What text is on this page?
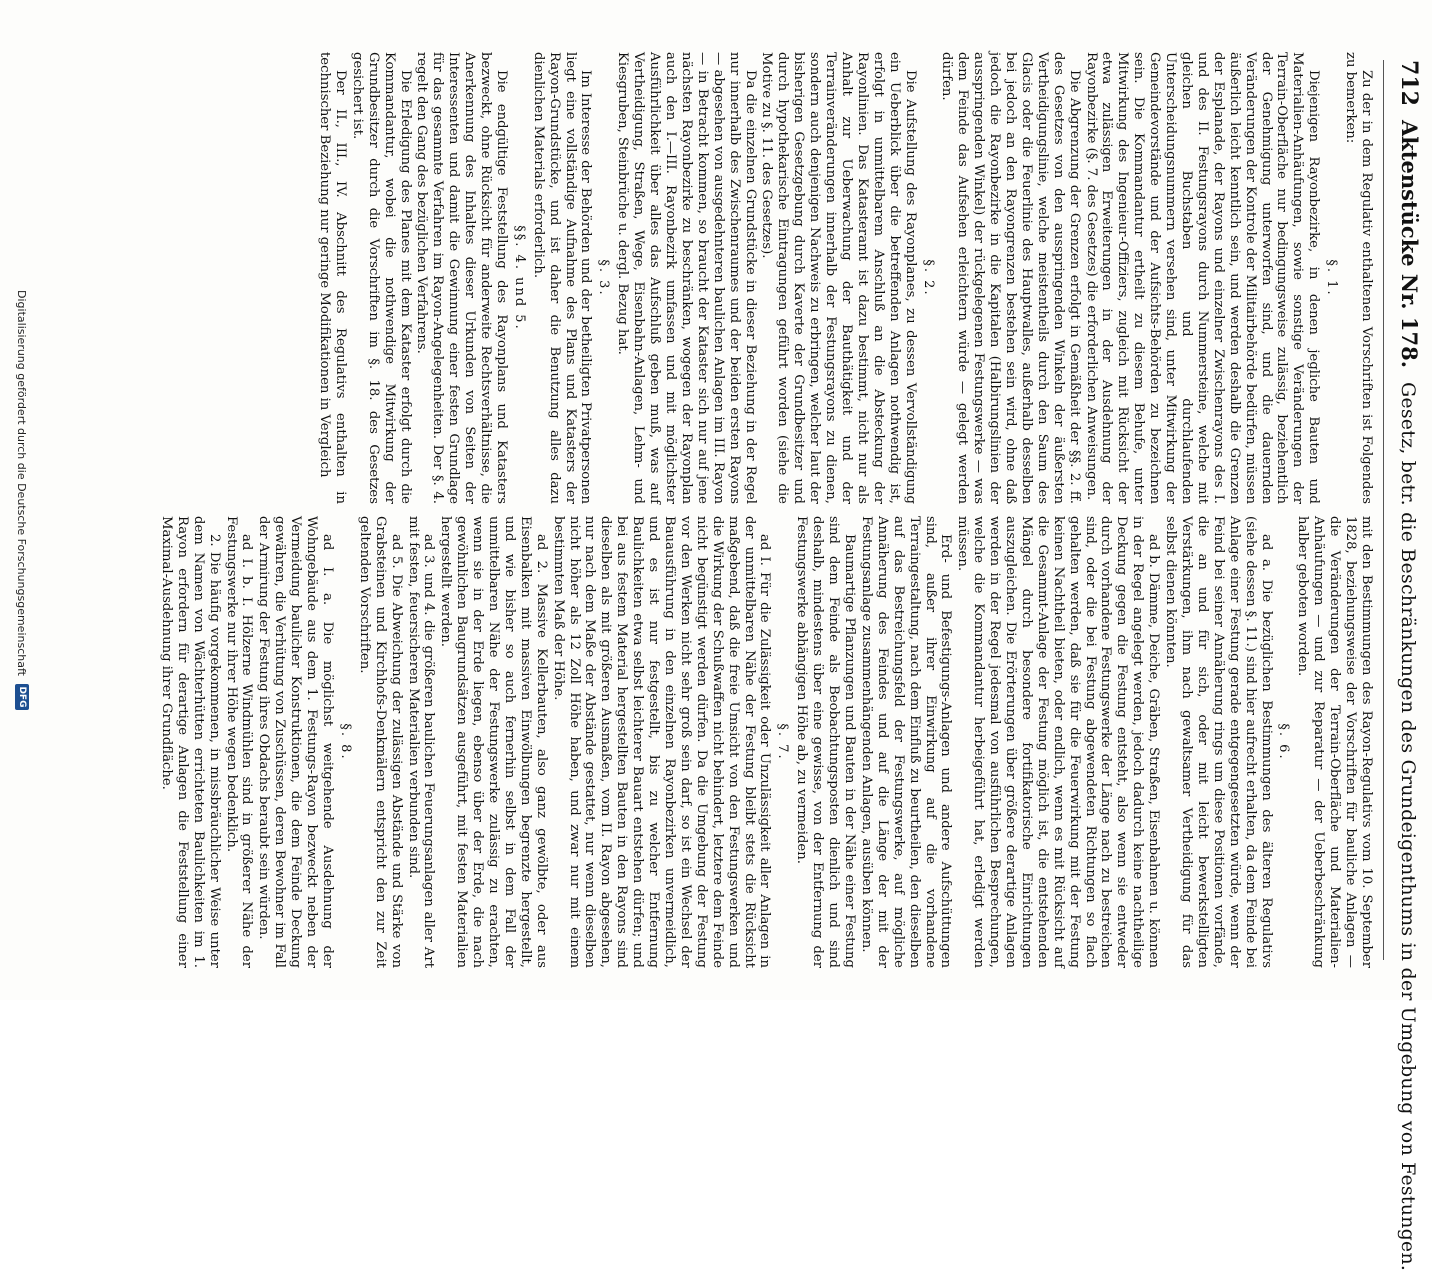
712
Aktenstücke Nr. 178.
Gesetz, betr. die Beschränkungen des Grundeigenthums in der Umgebung von Festungen.

Zu der in dem Regulativ enthaltenen Vorschriften ist Folgendes zu bemerken:

§. 1.

Diejenigen Rayonbezirke, in denen jegliche Bauten und Materialien-Anhäufungen, sowie sonstige Veränderungen der Terrain-Oberfläche nur bedingungsweise zulässig, beziehentlich der Genehmigung unterworfen sind, und die dauernden Veränderungen der Kontrole der Militairbehörde bedürfen, müssen äußerlich leicht kenntlich sein, und werden deshalb die Grenzen der Esplanade, der Rayons und einzelner Zwischenrayons des I. und des II. Festungsrayons durch Nummersteine, welche mit gleichen Buchstaben und durchlaufenden Unterscheidungsnummern versehen sind, unter Mitwirkung der Gemeindevorstände und der Aufsichts-Behörden zu bezeichnen sein. Die Kommandantur ertheilt zu diesem Behufe, unter Mitwirkung des Ingenieur-Offiziers, zugleich mit Rücksicht der etwa zulässigen Erweiterungen in der Ausdehnung der Rayonbezirke (§. 7. des Gesetzes) die erforderlichen Anweisungen.

Die Abgrenzung der Grenzen erfolgt in Gemäßheit der §§. 2. ff. des Gesetzes von den ausspringenden Winkeln der äußersten Vertheidigungslinie, welche meistentheils durch den Saum des Glacis oder die Feuerlinie des Hauptwalles, außerhalb desselben bei jedoch an den Rayongrenzen bestehen sein wird, ohne daß jedoch die Rayonbezirke in die Kapitalen (Halbirungslinien der ausspringenden Winkel) der rückgelegenen Festungswerke — was dem Feinde das Aufsehen erleichtern würde — gelegt werden dürfen.

§. 2.

Die Aufstellung des Rayonplanes, zu dessen Vervollständigung ein Ueberblick über die betreffenden Anlagen nothwendig ist, erfolgt in unmittelbarem Anschluß an die Absteckung der Rayonlinien. Das Katasteramt ist dazu bestimmt, nicht nur als Anhalt zur Ueberwachung der Bauthätigkeit und der Terrainveränderungen innerhalb der Festungsrayons zu dienen, sondern auch denjenigen Nachweis zu erbringen, welcher laut der bisherigen Gesetzgebung durch Kaverte der Grundbesitzer und durch hypothekarische Eintragungen geführt worden (siehe die Motive zu §. 11. des Gesetzes).

Da die einzelnen Grundstücke in dieser Beziehung in der Regel nur innerhalb des Zwischenraumes und der beiden ersten Rayons — abgesehen von ausgedehnteren baulichen Anlagen im III. Rayon — in Betracht kommen, so braucht der Kataster sich nur auf jene nächsten Rayonbezirke zu beschränken, wogegen der Rayonplan auch den I.—III. Rayonbezirk umfassen und mit möglichster Ausführlichkeit über alles das Aufschluß geben muß, was auf Vertheidigung, Straßen, Wege, Eisenbahn-Anlagen, Lehm- und Kiesgruben, Steinbrüche u. dergl. Bezug hat.

§. 3.

Im Interesse der Behörden und der betheiligten Privatpersonen liegt eine vollständige Aufnahme des Plans und Katasters der Rayon-Grundstücke, und ist daher die Benutzung alles dazu dienlichen Materials erforderlich.

§§. 4. und 5.

Die endgültige Feststellung des Rayonplans und Katasters bezweckt, ohne Rücksicht für anderweite Rechtsverhältnisse, die Anerkennung des Inhaltes dieser Urkunden von Seiten der Interessenten und damit die Gewinnung einer festen Grundlage für das gesammte Verfahren im Rayon-Angelegenheiten. Der §. 4. regelt den Gang des bezüglichen Verfahrens.

Die Erledigung des Planes mit dem Kataster erfolgt durch die Kommandantur, wobei die nothwendige Mitwirkung der Grundbesitzer durch die Vorschriften im §. 18. des Gesetzes gesichert ist.

Der II., III., IV. Abschnitt des Regulativs enthalten in technischer Beziehung nur geringe Modifikationen in Vergleich

mit den Bestimmungen des Rayon-Regulativs vom 10. September 1828, beziehungsweise der Vorschriften für bauliche Anlagen — die Veränderungen der Terrain-Oberfläche und Materialien-Anhäufungen — und zur Reparatur — der Ueberbeschränkung halber geboten worden.

§. 6.

ad a. Die bezüglichen Bestimmungen des älteren Regulativs (siehe dessen §. 11.) sind hier aufrecht erhalten, da dem Feinde bei Anlage einer Festung gerade entgegengesetzten würde, wenn der Feind bei seiner Annäherung rings um diese Positionen vorfände, die an und für sich, oder mit leicht bewerkstelligten Verstärkungen, ihm nach gewaltsamer Vertheidigung für das selbst dienen könnten.

ad b. Dämme, Deiche, Gräben, Straßen, Eisenbahnen u. können in der Regel angelegt werden, jedoch dadurch keine nachtheilige Deckung gegen die Festung entsteht, also wenn sie entweder durch vorhandene Festungswerke der Länge nach zu bestreichen sind, oder die bei Festung abgewendeten Richtungen so flach gehalten werden, daß sie für die Feuerwirkung mit der Festung keinen Nachtheil bieten, oder endlich, wenn es mit Rücksicht auf die Gesammt-Anlage der Festung möglich ist, die entstehenden Mängel durch besondere fortifikatorische Einrichtungen auszugleichen. Die Erörterungen über größere derartige Anlagen werden in der Regel jedesmal von ausführlichen Besprechungen, welche die Kommandantur herbeigeführt hat, erledigt werden müssen.

Erd- und Befestigungs-Anlagen und andere Aufschüttungen sind, außer ihrer Einwirkung auf die vorhandene Terraingestaltung, nach dem Einfluß zu beurtheilen, den dieselben auf das Bestreichungsfeld der Festungswerke, auf mögliche Annäherung des Feindes und auf die Länge der mit der Festungsanlage zusammenhängenden Anlagen, ausüben können.

Baumartige Pflanzungen und Bauten in der Nähe einer Festung sind dem Feinde als Beobachtungsposten dienlich und sind deshalb, mindestens über eine gewisse, von der Entfernung der Festungswerke abhängigen Höhe ab, zu vermeiden.

§. 7.

ad I. Für die Zulässigkeit oder Unzulässigkeit aller Anlagen in der unmittelbaren Nähe der Festung bleibt stets die Rücksicht maßgebend, daß die freie Umsicht von den Festungswerken und die Wirkung der Schußwaffen nicht behindert, letztere dem Feinde nicht begünstigt werden dürfen. Da die Umgebung der Festung vor den Werken nicht sehr groß sein darf, so ist ein Wechsel der Bauausführung in den einzelnen Rayonbezirken unvermeidlich, und es ist nur festgestellt, bis zu welcher Entfernung Baulichkeiten etwa selbst leichterer Bauart entstehen dürfen; und bei aus festem Material hergestellten Bauten in den Rayons sind dieselben als mit größeren Ausmaßen, vom II. Rayon abgesehen, nur nach dem Maße der Abstände gestattet, nur wenn dieselben nicht höher als 12 Zoll Höhe haben, und zwar nur mit einem bestimmten Maß der Höhe.

ad 2. Massive Kellerbauten, also ganz gewölbte, oder aus Eisenbalken mit massiven Einwölbungen begrenzte hergestellt, und wie bisher so auch fernerhin selbst in dem Fall der unmittelbaren Nähe der Festungswerke zulässig zu erachten, wenn sie in der Erde liegen, ebenso über der Erde, die nach gewöhnlichen Baugrundsätzen ausgeführt, mit festen Materialien hergestellt werden.

ad 3. und 4. die größeren baulichen Feuerungsanlagen aller Art mit festen, feuersicheren Materialien verbunden sind.

ad 5. Die Abweichung der zulässigen Abstände und Stärke von Grabsteinen und Kirchhofs-Denkmälern entspricht den zur Zeit geltenden Vorschriften.

§. 8.

ad I. a. Die möglichst weitgehende Ausdehnung der Wohngebäude aus dem 1. Festungs-Rayon bezweckt neben der Vermeidung baulicher Konstruktionen, die dem Feinde Deckung gewähren, die Verhütung von Zuschüssen, deren Bewohner im Fall der Armirung der Festung ihres Obdachs beraubt sein würden.

ad I. b. I. Hölzerne Windmühlen sind in größerer Nähe der Festungswerke nur ihrer Höhe wegen bedenklich.

2. Die häufig vorgekommenen, in missbräuchlicher Weise unter dem Namen von Wächterhütten errichteten Baulichkeiten im 1. Rayon erfordern für derartige Anlagen die Feststellung einer Maximal-Ausdehnung ihrer Grundfläche.

Digitalisierung gefördert durch die Deutsche Forschungsgemeinschaft
DFG
